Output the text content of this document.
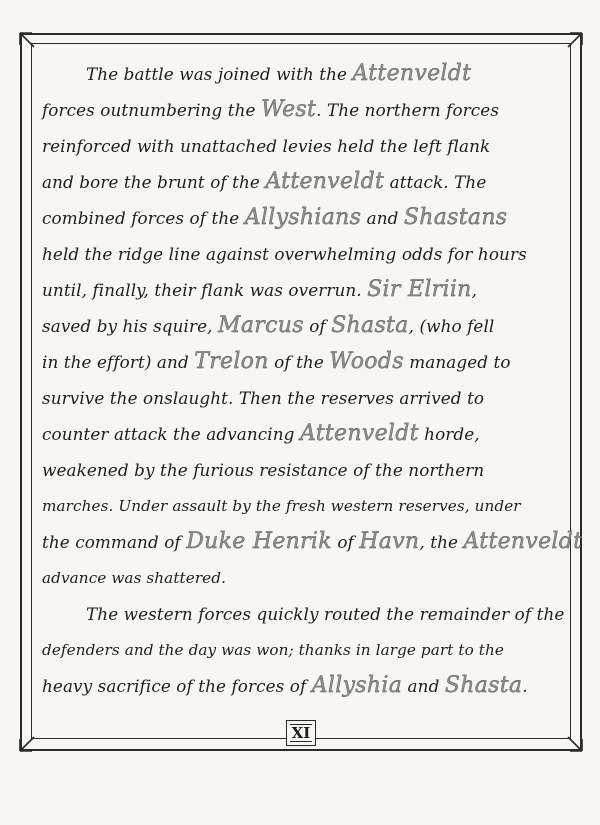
The battle was joined with the Attenveldt
forces outnumbering the West. The northern forces
reinforced with unattached levies held the left flank
and bore the brunt of the Attenveldt attack. The
combined forces of the Allyshians and Shastans
held the ridge line against overwhelming odds for hours
until, finally, their flank was overrun. Sir Elriin,
saved by his squire, Marcus of Shasta, (who fell
in the effort) and Trelon of the Woods managed to
survive the onslaught. Then the reserves arrived to
counter attack the advancing Attenveldt horde,
weakened by the furious resistance of the northern
marches. Under assault by the fresh western reserves, under
the command of Duke Henrik of Havn, the Attenveldt
advance was shattered.
The western forces quickly routed the remainder of the
defenders and the day was won; thanks in large part to the
heavy sacrifice of the forces of Allyshia and Shasta.
XI
